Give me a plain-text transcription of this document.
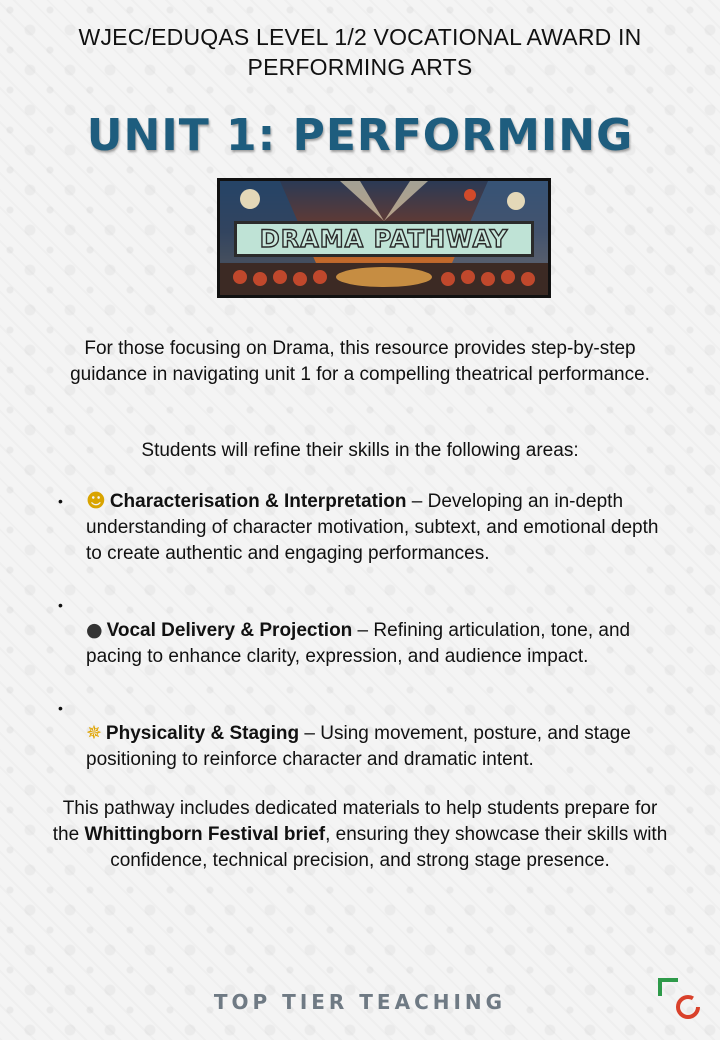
WJEC/EDUQAS LEVEL 1/2 VOCATIONAL AWARD IN
PERFORMING ARTS
UNIT 1: PERFORMING
DRAMA PATHWAY
For those focusing on Drama, this resource provides step-by-step guidance in navigating unit 1 for a compelling theatrical performance.
Students will refine their skills in the following areas:
• ☻ Characterisation & Interpretation – Developing an in-depth understanding of character motivation, subtext, and emotional depth to create authentic and engaging performances.
•
● Vocal Delivery & Projection – Refining articulation, tone, and pacing to enhance clarity, expression, and audience impact.
•
✵ Physicality & Staging – Using movement, posture, and stage positioning to reinforce character and dramatic intent.
This pathway includes dedicated materials to help students prepare for the Whittingborn Festival brief, ensuring they showcase their skills with confidence, technical precision, and strong stage presence.
TOP TIER TEACHING
